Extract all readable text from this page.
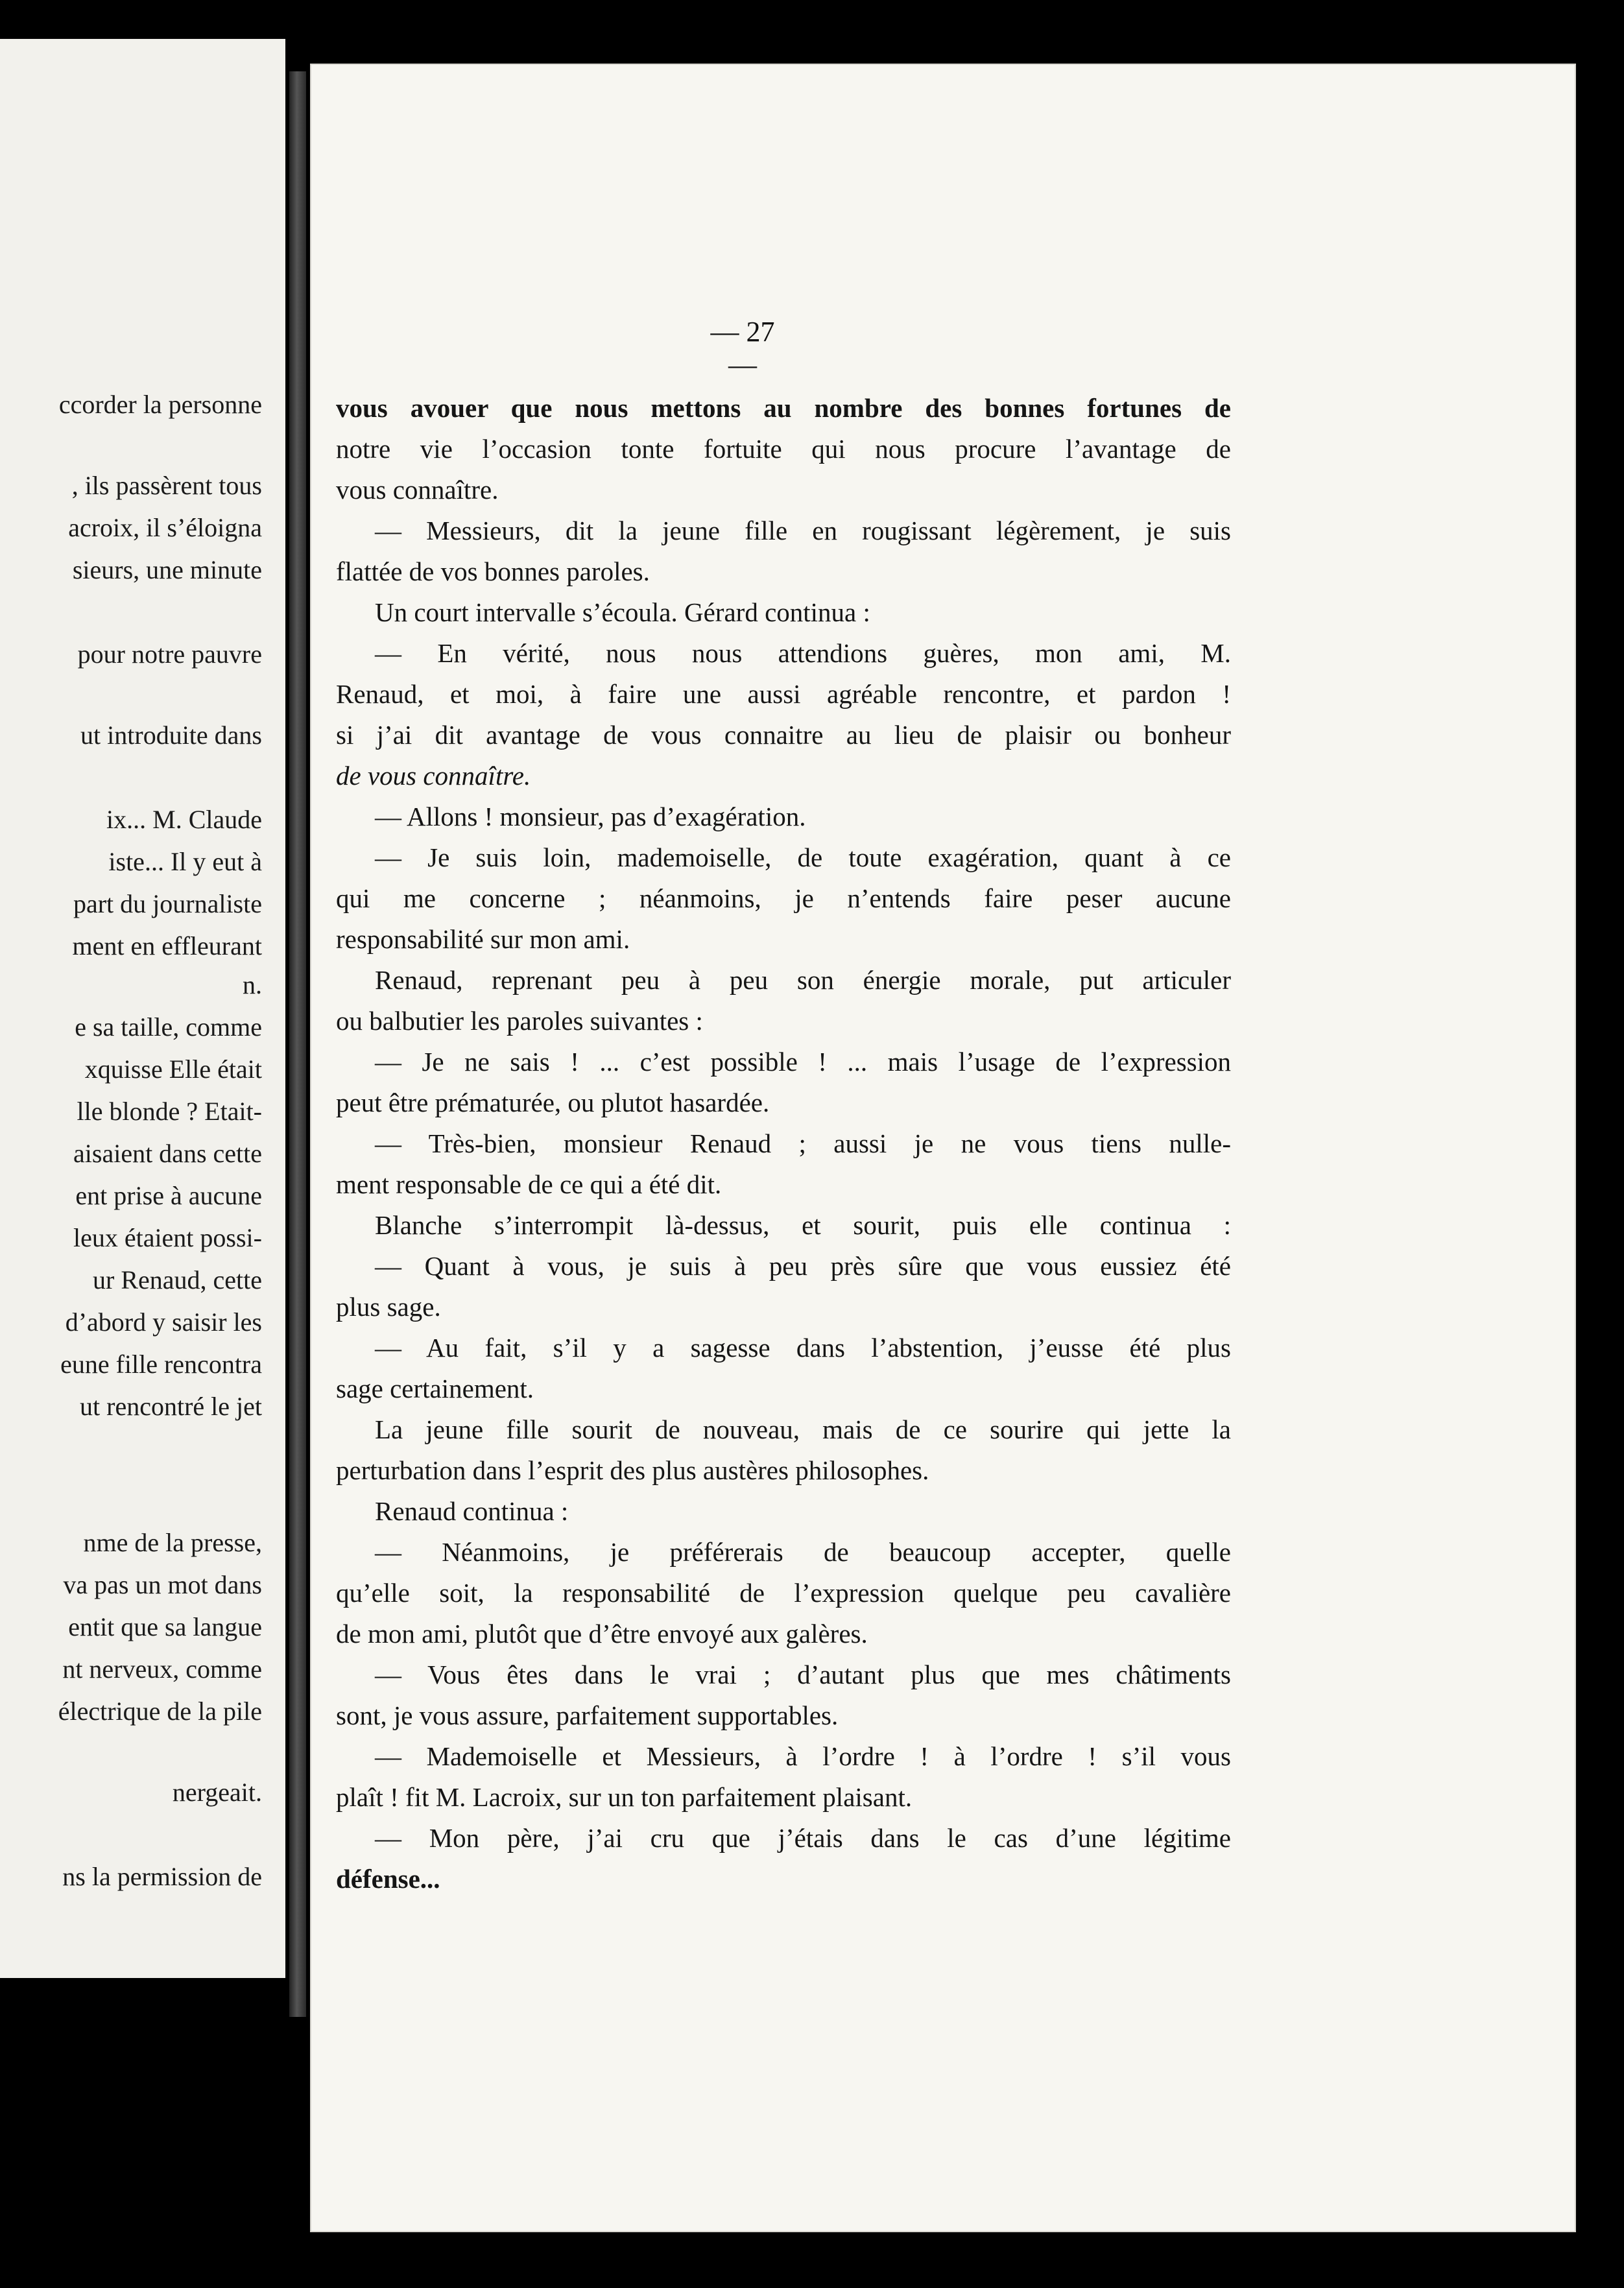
ccorder la personne
, ils passèrent tous
acroix, il s’éloigna
sieurs, une minute
pour notre pauvre
ut introduite dans
ix... M. Claude
iste... Il y eut à
part du journaliste
ment en effleurant
n.
e sa taille, comme
xquisse Elle était
lle blonde ? Etait-
aisaient dans cette
ent prise à aucune
leux étaient possi-
ur Renaud, cette
d’abord y saisir les
eune fille rencontra
ut rencontré le jet
nme de la presse,
va pas un mot dans
entit que sa langue
nt nerveux, comme
électrique de la pile
nergeait.
ns la permission de
— 27 —
vous avouer que nous mettons au nombre des bonnes fortunes de
notre vie l’occasion tonte fortuite qui nous procure l’avantage de
vous connaître.
— Messieurs, dit la jeune fille en rougissant légèrement, je suis
flattée de vos bonnes paroles.
Un court intervalle s’écoula. Gérard continua :
— En vérité, nous nous attendions guères, mon ami, M.
Renaud, et moi, à faire une aussi agréable rencontre, et pardon !
si j’ai dit avantage de vous connaitre au lieu de plaisir ou bonheur
de vous connaître.
— Allons ! monsieur, pas d’exagération.
— Je suis loin, mademoiselle, de toute exagération, quant à ce
qui me concerne ; néanmoins, je n’entends faire peser aucune
responsabilité sur mon ami.
Renaud, reprenant peu à peu son énergie morale, put articuler
ou balbutier les paroles suivantes :
— Je ne sais ! ... c’est possible ! ... mais l’usage de l’expression
peut être prématurée, ou plutot hasardée.
— Très-bien, monsieur Renaud ; aussi je ne vous tiens nulle-
ment responsable de ce qui a été dit.
Blanche s’interrompit là-dessus, et sourit, puis elle continua :
— Quant à vous, je suis à peu près sûre que vous eussiez été
plus sage.
— Au fait, s’il y a sagesse dans l’abstention, j’eusse été plus
sage certainement.
La jeune fille sourit de nouveau, mais de ce sourire qui jette la
perturbation dans l’esprit des plus austères philosophes.
Renaud continua :
— Néanmoins, je préférerais de beaucoup accepter, quelle
qu’elle soit, la responsabilité de l’expression quelque peu cavalière
de mon ami, plutôt que d’être envoyé aux galères.
— Vous êtes dans le vrai ; d’autant plus que mes châtiments
sont, je vous assure, parfaitement supportables.
— Mademoiselle et Messieurs, à l’ordre ! à l’ordre ! s’il vous
plaît ! fit M. Lacroix, sur un ton parfaitement plaisant.
— Mon père, j’ai cru que j’étais dans le cas d’une légitime
défense...
